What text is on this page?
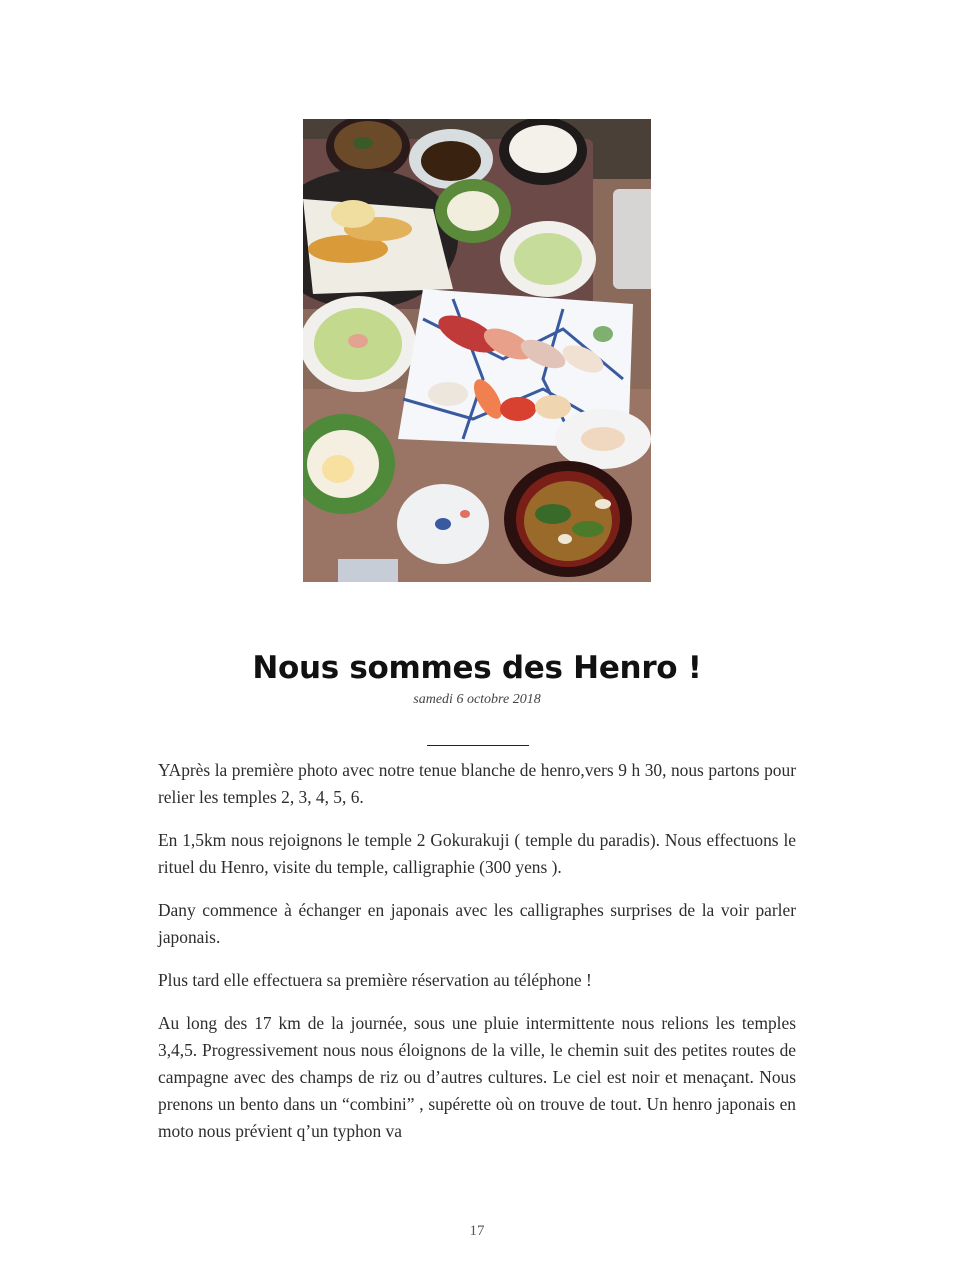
Nous sommes des Henro !
samedi 6 octobre 2018

YAprès la première photo avec notre tenue blanche de henro,vers 9 h 30, nous partons pour relier les temples 2, 3, 4, 5, 6.

En 1,5km nous rejoignons le temple 2 Gokurakuji ( temple du paradis). Nous effectuons le rituel du Henro, visite du temple, calligraphie (300 yens ).

Dany commence à échanger en japonais avec les calligraphes surprises de la voir parler japonais.

Plus tard elle effectuera sa première réservation au téléphone !

Au long des 17 km de la journée, sous une pluie intermittente nous relions les temples 3,4,5. Progressivement nous nous éloignons de la ville, le chemin suit des petites routes de campagne avec des champs de riz ou d’autres cultures. Le ciel est noir et menaçant. Nous prenons un bento dans un “combini” , supérette où on trouve de tout. Un henro japonais en moto nous prévient q’un typhon va

17
